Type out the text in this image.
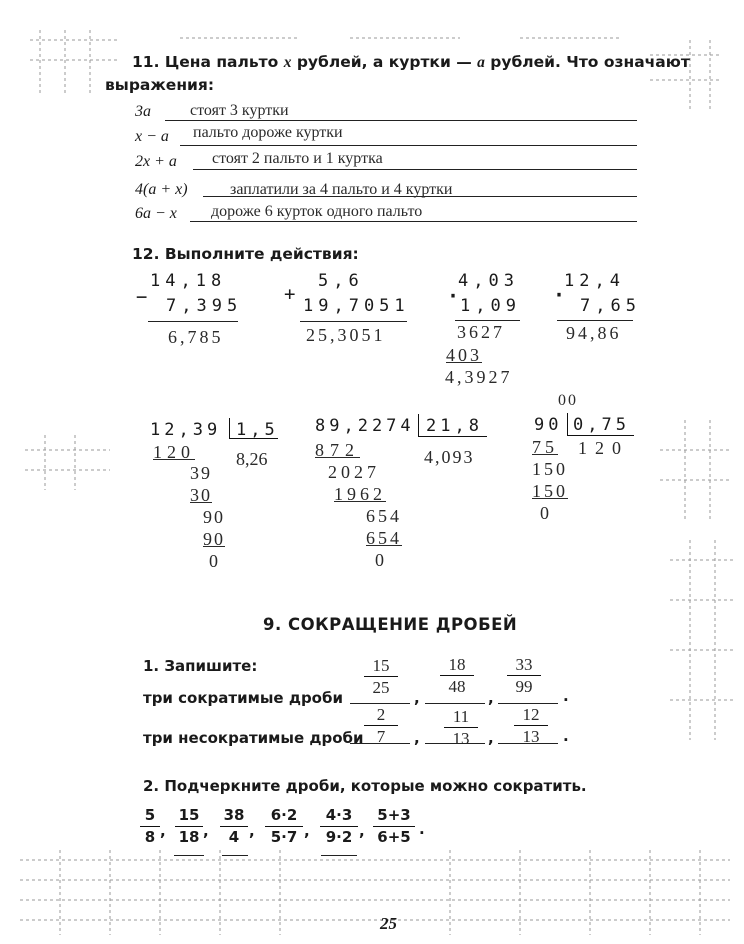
11. Цена пальто x рублей, а куртки — a рублей. Что означают
выражения:
3a стоят 3 куртки
x − a пальто дороже куртки
2x + a стоят 2 пальто и 1 куртка
4(a + x)	заплатили за 4 пальто и 4 куртки
6a − x дороже 6 курток одного пальто
12. Выполните действия:
14,18
− 7,395
6,785
5,6
+
19,7051
25,3051
4,03
· 1,09
3627
403
4,3927
12,4
· 7,65
94,86
12,39 1,5
8,26
120
39
30
90
90
0
89,2274 21,8
4,093
872
2027
1962
654
654
0
00
90 0,75
120
75
150
150
0
9. СОКРАЩЕНИЕ ДРОБЕЙ
1. Запишите:
три сократимые дроби
три несократимые дроби
15
25
18
48
33
99
,	,	.
2
7
11
13
12
13
,	,	.
2. Подчеркните дроби, которые можно сократить.
5
8 ,
15
18 ,
38
4 ,
6·2
5·7 ,
4·3
9·2 ,
5+3
6+5 .
25
